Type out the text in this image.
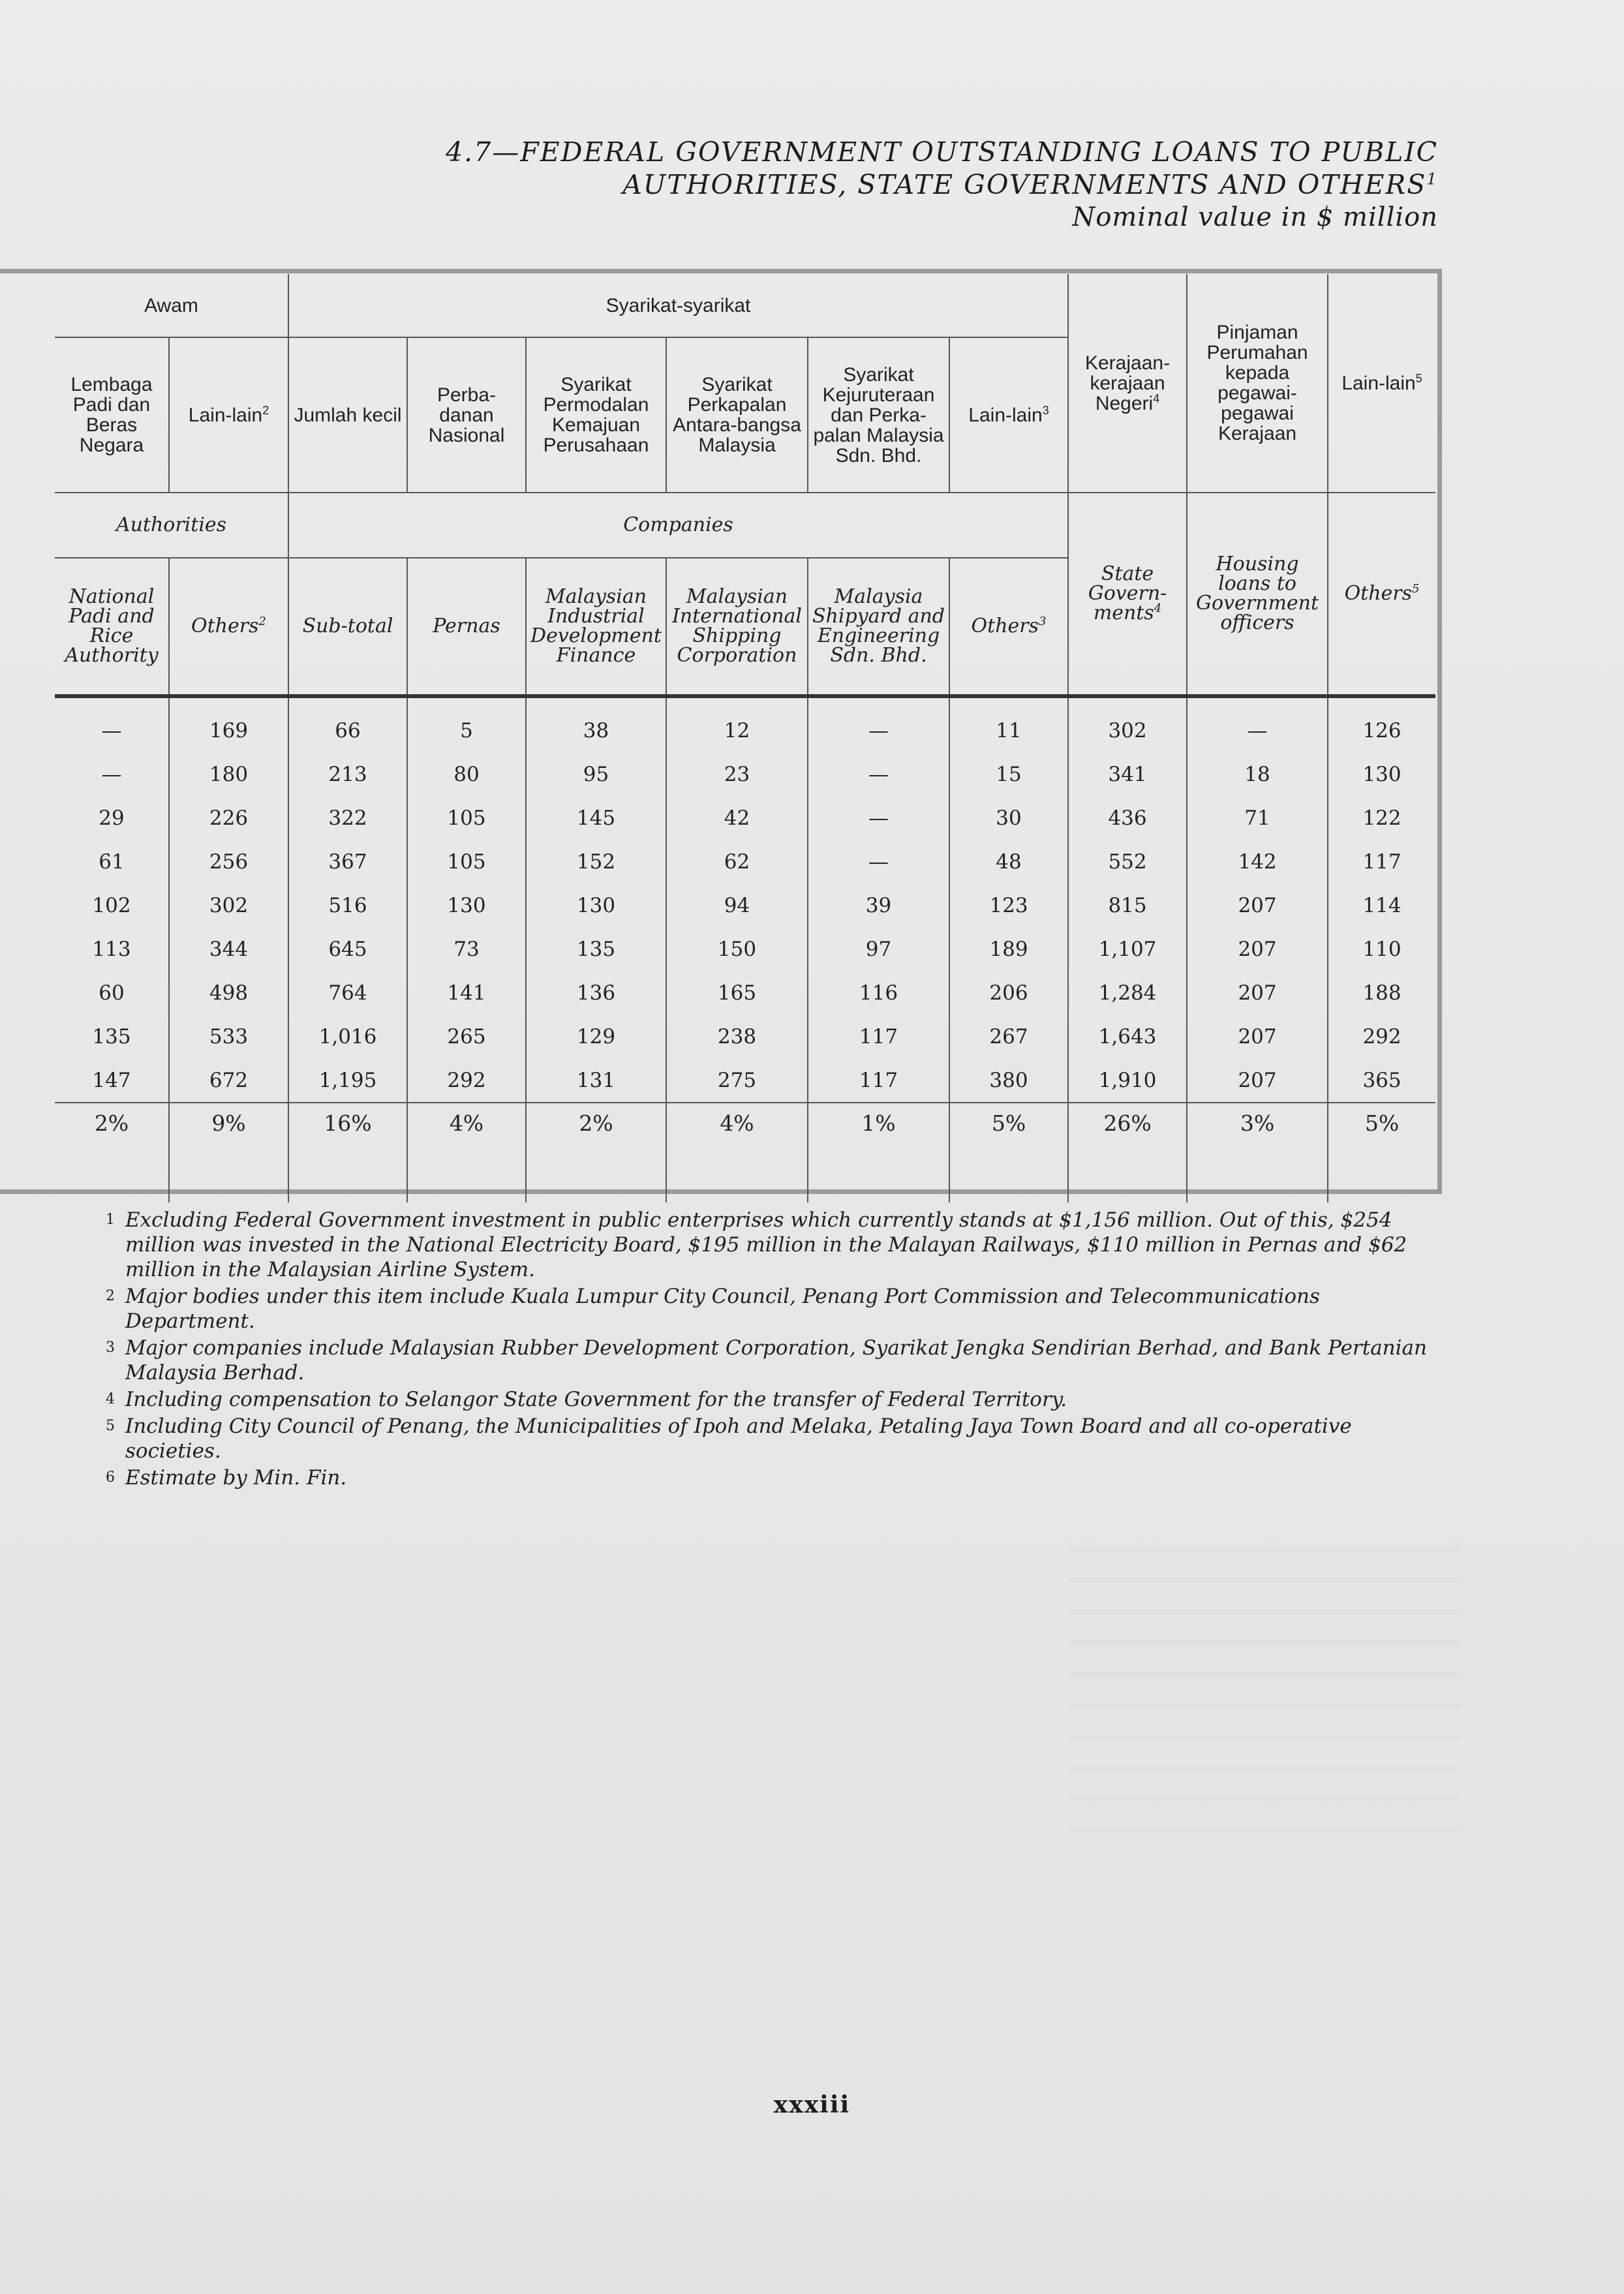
4.7—FEDERAL GOVERNMENT OUTSTANDING LOANS TO PUBLIC
AUTHORITIES, STATE GOVERNMENTS AND OTHERS$^1$
Nominal value in $ million
Awam		Syarikat-syarikat						Kerajaan-kerajaan Negeri$^4$	Pinjaman Perumahan kepada pegawai-pegawai Kerajaan	Lain-lain$^5$
Lembaga Padi dan Beras Negara	Lain-lain$^2$	Jumlah kecil	Perba-danan Nasional	Syarikat Permodalan Kemajuan Perusahaan	Syarikat Perkapalan Antara-bangsa Malaysia	Syarikat Kejuruteraan dan Perka-palan Malaysia Sdn. Bhd.	Lain-lain$^3$
Authorities		Companies						State Govern-ments$^4$	Housing loans to Government officers	Others$^5$
National Padi and Rice Authority	Others$^2$	Sub-total	Pernas	Malaysian Industrial Development Finance	Malaysian International Shipping Corporation	Malaysia Shipyard and Engineering Sdn. Bhd.	Others$^3$

—	169	66	5	38	12	—	11	302	—	126
—	180	213	80	95	23	—	15	341	18	130
29	226	322	105	145	42	—	30	436	71	122
61	256	367	105	152	62	—	48	552	142	117
102	302	516	130	130	94	39	123	815	207	114
113	344	645	73	135	150	97	189	1,107	207	110
60	498	764	141	136	165	116	206	1,284	207	188
135	533	1,016	265	129	238	117	267	1,643	207	292
147	672	1,195	292	131	275	117	380	1,910	207	365
2%	9%	16%	4%	2%	4%	1%	5%	26%	3%	5%

1 Excluding Federal Government investment in public enterprises which currently stands at $1,156 million. Out of this, $254 million was invested in the National Electricity Board, $195 million in the Malayan Railways, $110 million in Pernas and $62 million in the Malaysian Airline System.
2 Major bodies under this item include Kuala Lumpur City Council, Penang Port Commission and Telecommunications Department.
3 Major companies include Malaysian Rubber Development Corporation, Syarikat Jengka Sendirian Berhad, and Bank Pertanian Malaysia Berhad.
4 Including compensation to Selangor State Government for the transfer of Federal Territory.
5 Including City Council of Penang, the Municipalities of Ipoh and Melaka, Petaling Jaya Town Board and all co-operative societies.
6 Estimate by Min. Fin.
xxxiii
